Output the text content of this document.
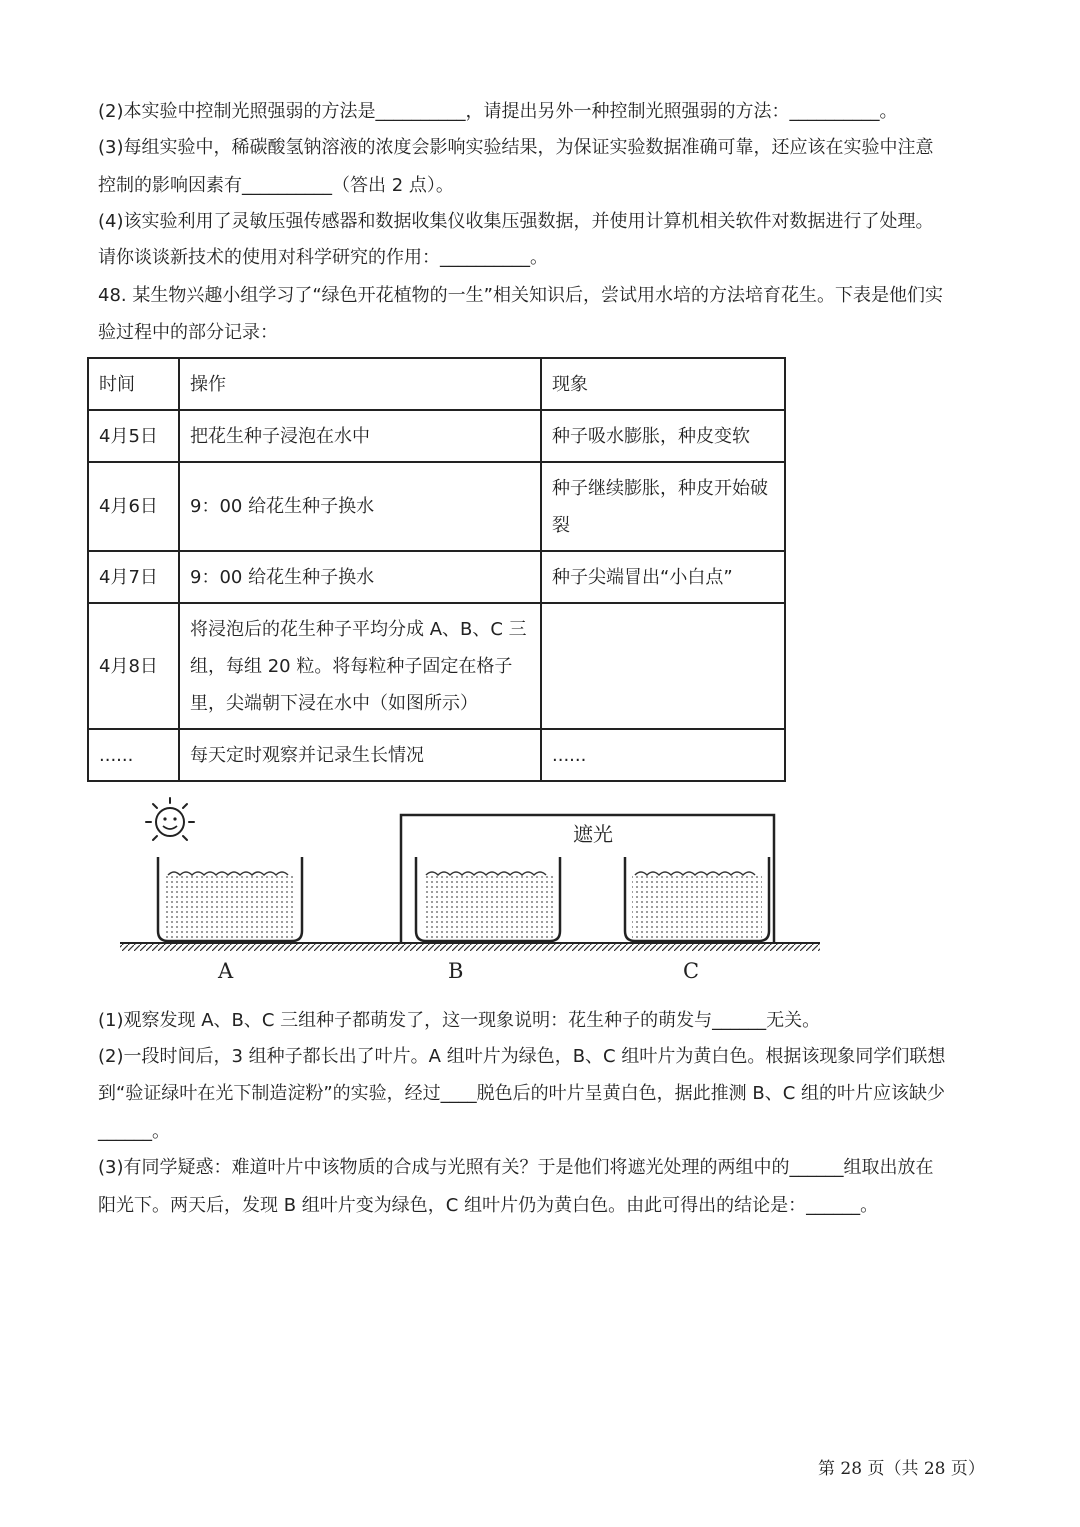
(2)本实验中控制光照强弱的方法是__________，请提出另外一种控制光照强弱的方法：__________。
(3)每组实验中，稀碳酸氢钠溶液的浓度会影响实验结果，为保证实验数据准确可靠，还应该在实验中注意
控制的影响因素有__________（答出 2 点）。
(4)该实验利用了灵敏压强传感器和数据收集仪收集压强数据，并使用计算机相关软件对数据进行了处理。
请你谈谈新技术的使用对科学研究的作用：__________。
48. 某生物兴趣小组学习了“绿色开花植物的一生”相关知识后，尝试用水培的方法培育花生。下表是他们实
验过程中的部分记录：
时间	操作	现象
4月5日	把花生种子浸泡在水中	种子吸水膨胀，种皮变软
4月6日	9：00 给花生种子换水	种子继续膨胀，种皮开始破
裂

4月7日	9：00 给花生种子换水	种子尖端冒出“小白点”
4月8日	将浸泡后的花生种子平均分成 A、B、C 三
组，每组 20 粒。将每粒种子固定在格子
里，尖端朝下浸在水中（如图所示）	

......	每天定时观察并记录生长情况	......
遮光
A	B	C
(1)观察发现 A、B、C 三组种子都萌发了，这一现象说明：花生种子的萌发与______无关。
(2)一段时间后，3 组种子都长出了叶片。A 组叶片为绿色，B、C 组叶片为黄白色。根据该现象同学们联想
到“验证绿叶在光下制造淀粉”的实验，经过____脱色后的叶片呈黄白色，据此推测 B、C 组的叶片应该缺少
______。
(3)有同学疑惑：难道叶片中该物质的合成与光照有关？于是他们将遮光处理的两组中的______组取出放在
阳光下。两天后，发现 B 组叶片变为绿色，C 组叶片仍为黄白色。由此可得出的结论是：______。
第 28 页（共 28 页）
